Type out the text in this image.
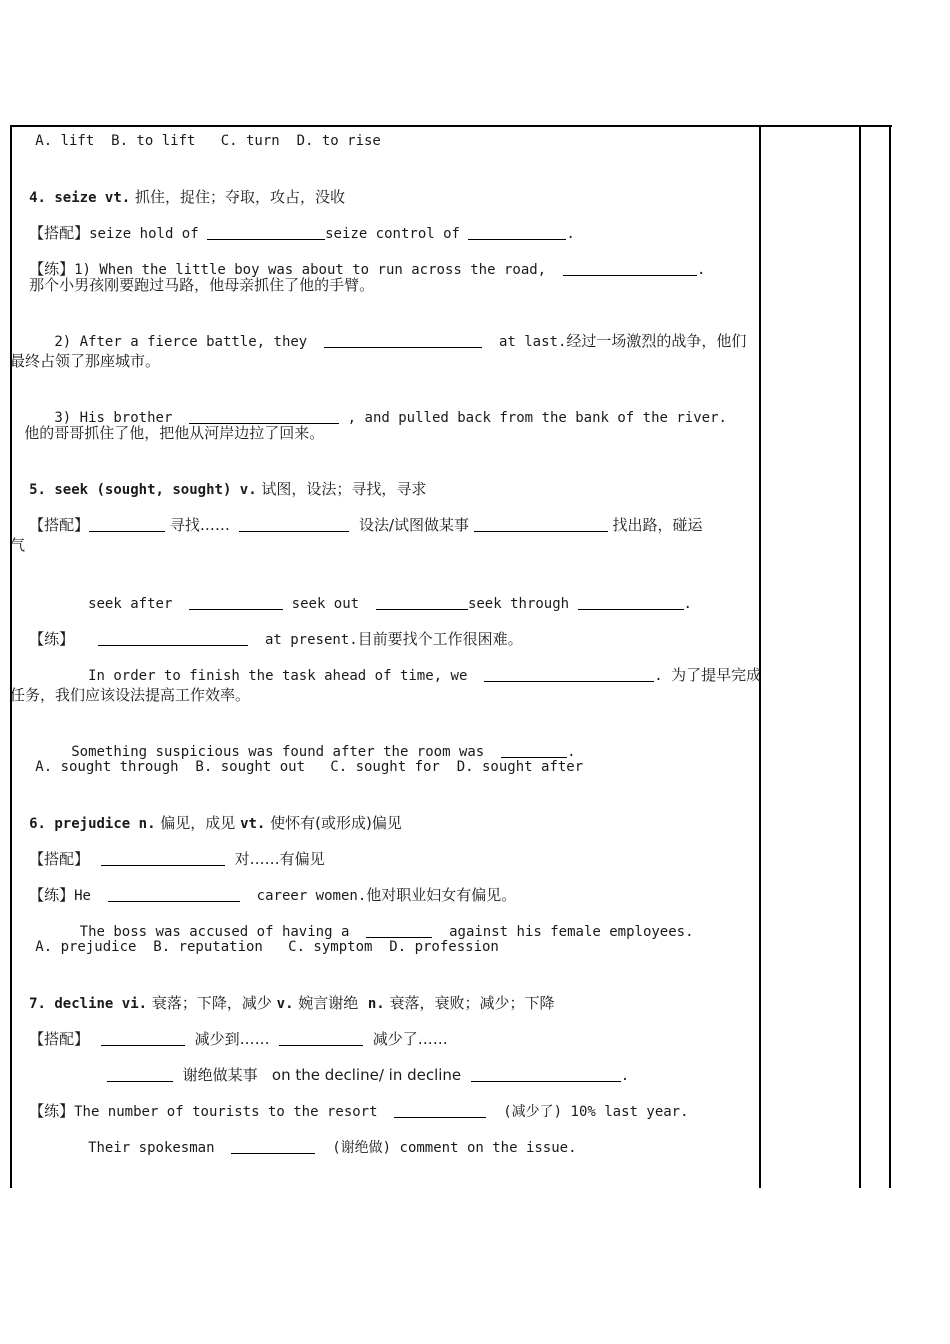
A. lift  B. to lift   C. turn  D. to rise

4. seize vt. 抓住，捉住；夺取，攻占，没收

【搭配】seize hold of	seize control of	.

【练】1) When the little boy was about to run across the road,	.

那个小男孩刚要跑过马路，他母亲抓住了他的手臂。

2) After a fierce battle, they	at last.经过一场激烈的战争，他们

最终占领了那座城市。

3) His brother	, and pulled back from the bank of the river.

他的哥哥抓住了他，把他从河岸边拉了回来。

5. seek (sought, sought) v. 试图，设法；寻找，寻求

【搭配】	寻找……	设法/试图做某事	找出路，碰运

气

seek after	seek out	seek through	.

【练】	at present.目前要找个工作很困难。

In order to finish the task ahead of time, we	. 为了提早完成

任务，我们应该设法提高工作效率。

Something suspicious was found after the room was	.

A. sought through  B. sought out   C. sought for  D. sought after

6. prejudice n. 偏见，成见 vt. 使怀有(或形成)偏见

【搭配】	对……有偏见

【练】He	career women.他对职业妇女有偏见。

The boss was accused of having a	against his female employees.

A. prejudice  B. reputation   C. symptom  D. profession

7. decline vi. 衰落；下降，减少 v. 婉言谢绝  n. 衰落，衰败；减少；下降

【搭配】	减少到……	减少了……

谢绝做某事   on the decline/ in decline	.

【练】The number of tourists to the resort	(减少了) 10% last year.

Their spokesman	(谢绝做) comment on the issue.
